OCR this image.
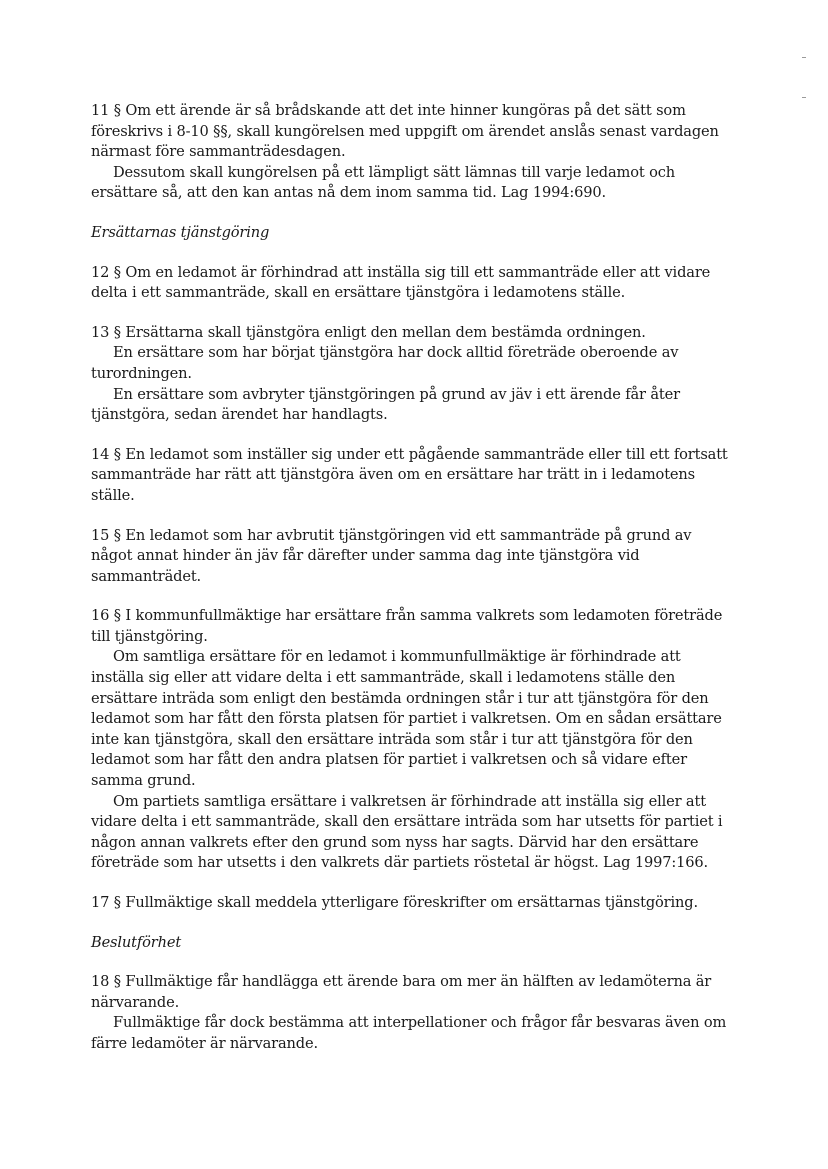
11 § Om ett ärende är så brådskande att det inte hinner kungöras på det sätt som föreskrivs i 8-10 §§, skall kungörelsen med uppgift om ärendet anslås senast vardagen närmast före sammanträdesdagen.

Dessutom skall kungörelsen på ett lämpligt sätt lämnas till varje ledamot och ersättare så, att den kan antas nå dem inom samma tid. Lag 1994:690.

Ersättarnas tjänstgöring

12 § Om en ledamot är förhindrad att inställa sig till ett sammanträde eller att vidare delta i ett sammanträde, skall en ersättare tjänstgöra i ledamotens ställe.

13 § Ersättarna skall tjänstgöra enligt den mellan dem bestämda ordningen.

En ersättare som har börjat tjänstgöra har dock alltid företräde oberoende av turordningen.

En ersättare som avbryter tjänstgöringen på grund av jäv i ett ärende får åter tjänstgöra, sedan ärendet har handlagts.

14 § En ledamot som inställer sig under ett pågående sammanträde eller till ett fortsatt sammanträde har rätt att tjänstgöra även om en ersättare har trätt in i ledamotens ställe.

15 § En ledamot som har avbrutit tjänstgöringen vid ett sammanträde på grund av något annat hinder än jäv får därefter under samma dag inte tjänstgöra vid sammanträdet.

16 § I kommunfullmäktige har ersättare från samma valkrets som ledamoten företräde till tjänstgöring.

Om samtliga ersättare för en ledamot i kommunfullmäktige är förhindrade att inställa sig eller att vidare delta i ett sammanträde, skall i ledamotens ställe den ersättare inträda som enligt den bestämda ordningen står i tur att tjänstgöra för den ledamot som har fått den första platsen för partiet i valkretsen. Om en sådan ersättare inte kan tjänstgöra, skall den ersättare inträda som står i tur att tjänstgöra för den ledamot som har fått den andra platsen för partiet i valkretsen och så vidare efter samma grund.

Om partiets samtliga ersättare i valkretsen är förhindrade att inställa sig eller att vidare delta i ett sammanträde, skall den ersättare inträda som har utsetts för partiet i någon annan valkrets efter den grund som nyss har sagts. Därvid har den ersättare företräde som har utsetts i den valkrets där partiets röstetal är högst. Lag 1997:166.

17 § Fullmäktige skall meddela ytterligare föreskrifter om ersättarnas tjänstgöring.

Beslutförhet

18 § Fullmäktige får handlägga ett ärende bara om mer än hälften av ledamöterna är närvarande.

Fullmäktige får dock bestämma att interpellationer och frågor får besvaras även om färre ledamöter är närvarande.
